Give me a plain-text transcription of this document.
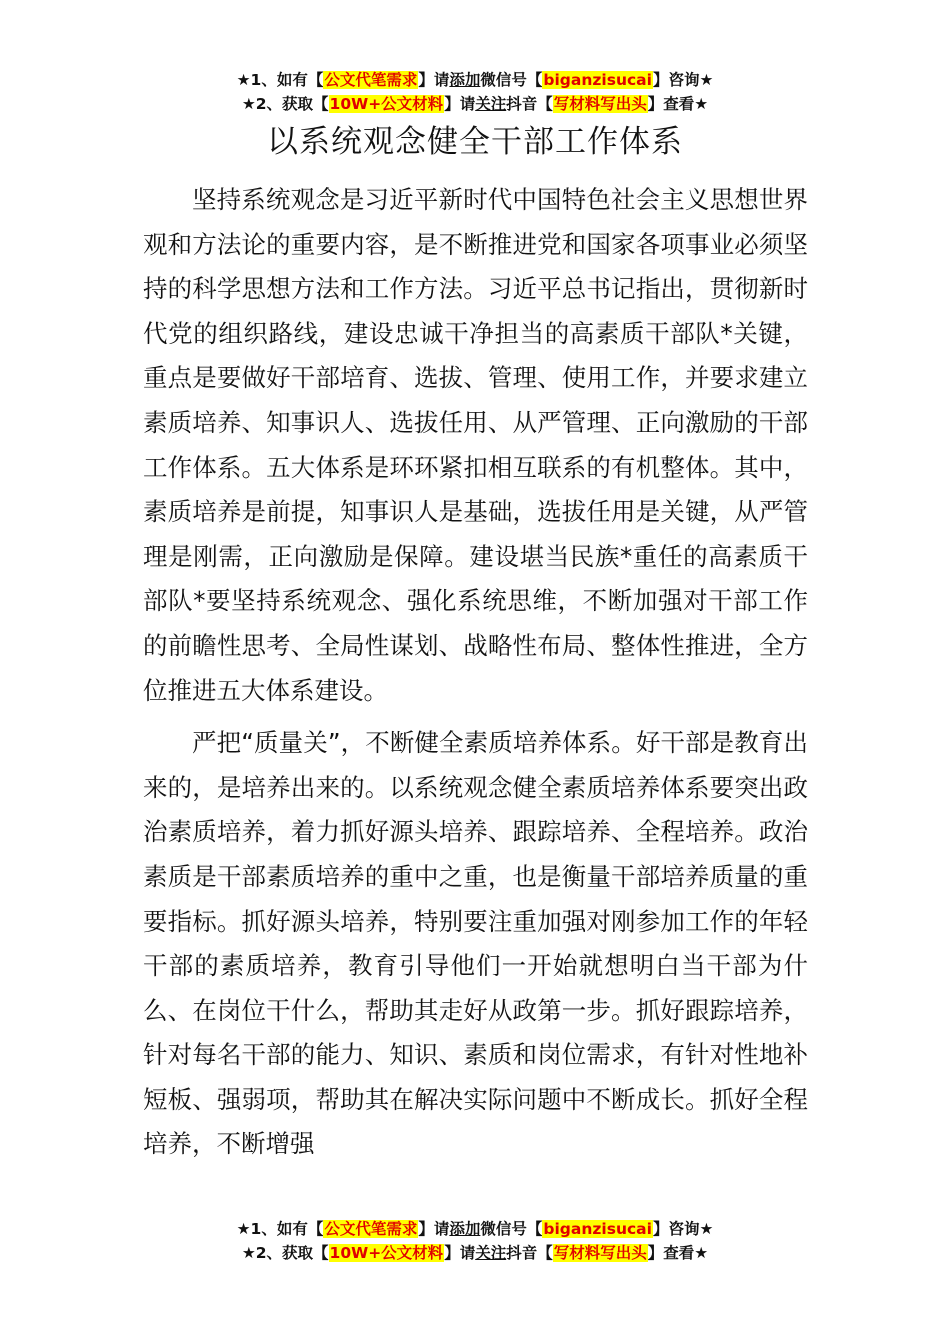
★1、如有【公文代笔需求】请添加微信号【biganzisucai】咨询★
★2、获取【10W+公文材料】请关注抖音【写材料写出头】查看★
以系统观念健全干部工作体系

坚持系统观念是习近平新时代中国特色社会主义思想世界观和方法论的重要内容，是不断推进党和国家各项事业必须坚持的科学思想方法和工作方法。习近平总书记指出，贯彻新时代党的组织路线，建设忠诚干净担当的高素质干部队*关键，重点是要做好干部培育、选拔、管理、使用工作，并要求建立素质培养、知事识人、选拔任用、从严管理、正向激励的干部工作体系。五大体系是环环紧扣相互联系的有机整体。其中，素质培养是前提，知事识人是基础，选拔任用是关键，从严管理是刚需，正向激励是保障。建设堪当民族*重任的高素质干部队*要坚持系统观念、强化系统思维，不断加强对干部工作的前瞻性思考、全局性谋划、战略性布局、整体性推进，全方位推进五大体系建设。

严把“质量关”，不断健全素质培养体系。好干部是教育出来的，是培养出来的。以系统观念健全素质培养体系要突出政治素质培养，着力抓好源头培养、跟踪培养、全程培养。政治素质是干部素质培养的重中之重，也是衡量干部培养质量的重要指标。抓好源头培养，特别要注重加强对刚参加工作的年轻干部的素质培养，教育引导他们一开始就想明白当干部为什么、在岗位干什么，帮助其走好从政第一步。抓好跟踪培养，针对每名干部的能力、知识、素质和岗位需求，有针对性地补短板、强弱项，帮助其在解决实际问题中不断成长。抓好全程培养，不断增强

★1、如有【公文代笔需求】请添加微信号【biganzisucai】咨询★
★2、获取【10W+公文材料】请关注抖音【写材料写出头】查看★
